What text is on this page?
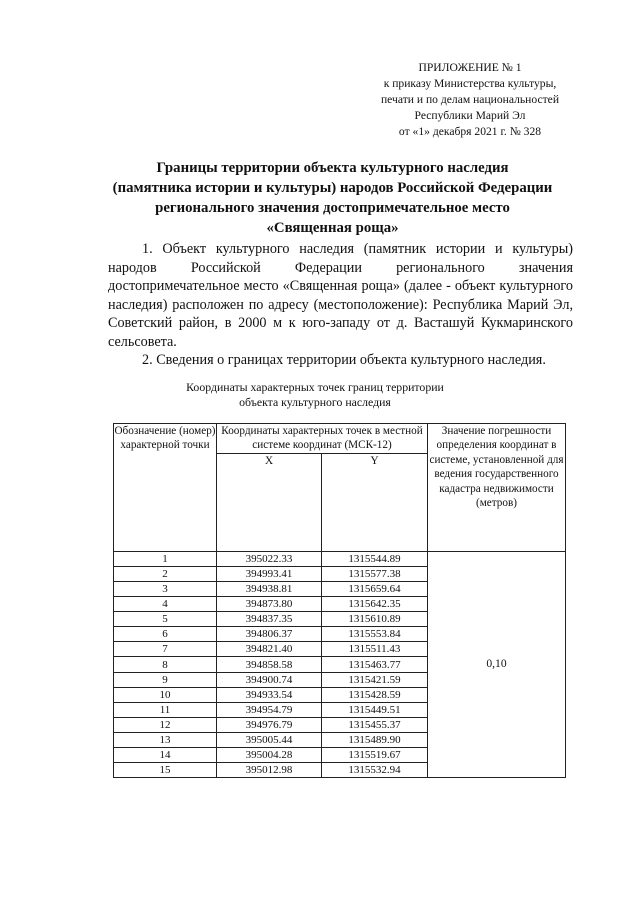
ПРИЛОЖЕНИЕ № 1
к приказу Министерства культуры,
печати и по делам национальностей
Республики Марий Эл
от «1» декабря 2021 г. № 328
Границы территории объекта культурного наследия
(памятника истории и культуры) народов Российской Федерации
регионального значения достопримечательное место
«Священная роща»

1. Объект культурного наследия (памятник истории и культуры) народов Российской Федерации регионального значения достопримечательное место «Священная роща» (далее - объект культурного наследия) расположен по адресу (местоположение): Республика Марий Эл, Советский район, в 2000 м к юго-западу от д. Васташуй Кукмаринского сельсовета.

2. Сведения о границах территории объекта культурного наследия.

Координаты характерных точек границ территории
объекта культурного наследия
Обозначение (номер) характерной точки	Координаты характерных точек в местной системе координат (МСК-12)		Значение погрешности определения координат в системе, установленной для ведения государственного кадастра недвижимости (метров)
	X	Y	
1	395022.33	1315544.89	0,10
2	394993.41	1315577.38	
3	394938.81	1315659.64	
4	394873.80	1315642.35	
5	394837.35	1315610.89	
6	394806.37	1315553.84	
7	394821.40	1315511.43	
8	394858.58	1315463.77	
9	394900.74	1315421.59	
10	394933.54	1315428.59	
11	394954.79	1315449.51	
12	394976.79	1315455.37	
13	395005.44	1315489.90	
14	395004.28	1315519.67	
15	395012.98	1315532.94	
